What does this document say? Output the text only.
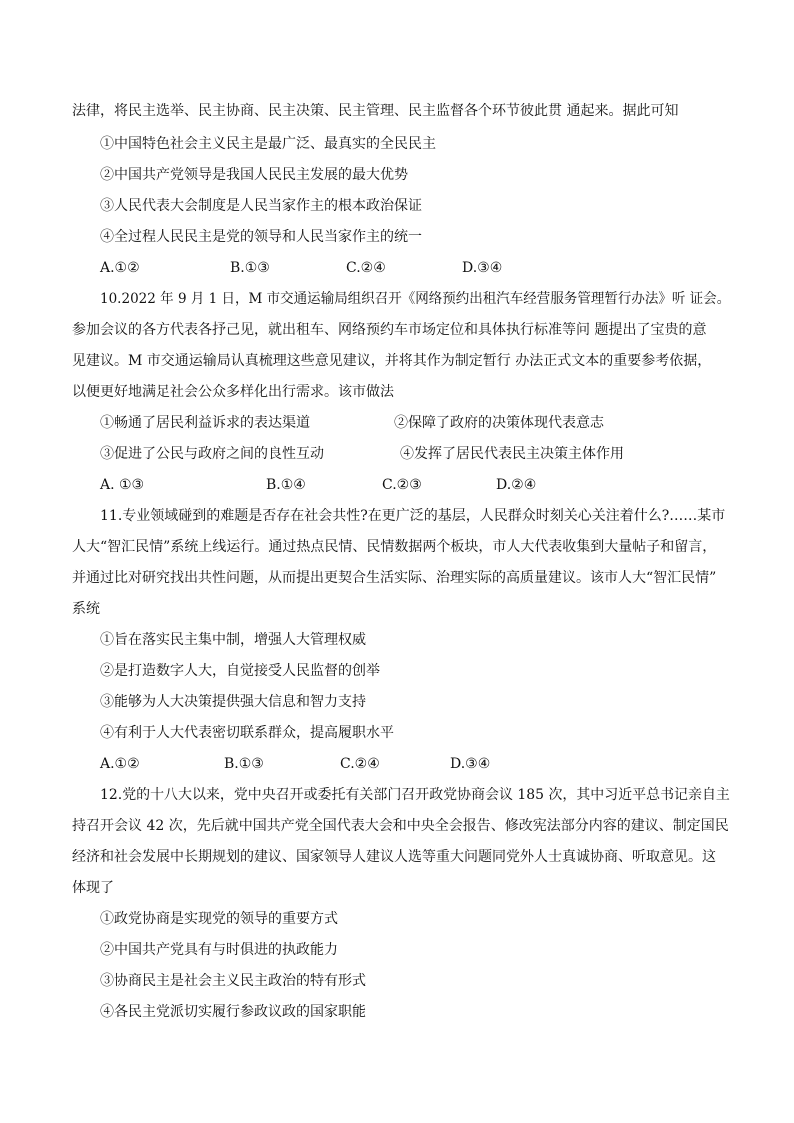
法律，将民主选举、民主协商、民主决策、民主管理、民主监督各个环节彼此贯 通起来。据此可知
①中国特色社会主义民主是最广泛、最真实的全民民主
②中国共产党领导是我国人民民主发展的最大优势
③人民代表大会制度是人民当家作主的根本政治保证
④全过程人民民主是党的领导和人民当家作主的统一
A.①②	B.①③	C.②④	D.③④
10.2022 年 9 月 1 日，M 市交通运输局组织召开《网络预约出租汽车经营服务管理暂行办法》听 证会。
参加会议的各方代表各抒己见，就出租车、网络预约车市场定位和具体执行标准等问 题提出了宝贵的意
见建议。M 市交通运输局认真梳理这些意见建议，并将其作为制定暂行 办法正式文本的重要参考依据，
以便更好地满足社会公众多样化出行需求。该市做法
①畅通了居民利益诉求的表达渠道	②保障了政府的决策体现代表意志
③促进了公民与政府之间的良性互动	④发挥了居民代表民主决策主体作用
A. ①③	B.①④	C.②③	D.②④
11.专业领域碰到的难题是否存在社会共性?在更广泛的基层，人民群众时刻关心关注着什么?……某市
人大“智汇民情”系统上线运行。通过热点民情、民情数据两个板块，市人大代表收集到大量帖子和留言，
并通过比对研究找出共性问题，从而提出更契合生活实际、治理实际的高质量建议。该市人大“智汇民情”
系统
①旨在落实民主集中制，增强人大管理权威
②是打造数字人大，自觉接受人民监督的创举
③能够为人大决策提供强大信息和智力支持
④有利于人大代表密切联系群众，提高履职水平
A.①②	B.①③	C.②④	D.③④
12.党的十八大以来，党中央召开或委托有关部门召开政党协商会议 185 次，其中习近平总书记亲自主
持召开会议 42 次，先后就中国共产党全国代表大会和中央全会报告、修改宪法部分内容的建议、制定国民
经济和社会发展中长期规划的建议、国家领导人建议人选等重大问题同党外人士真诚协商、听取意见。这
体现了
①政党协商是实现党的领导的重要方式
②中国共产党具有与时俱进的执政能力
③协商民主是社会主义民主政治的特有形式
④各民主党派切实履行参政议政的国家职能
